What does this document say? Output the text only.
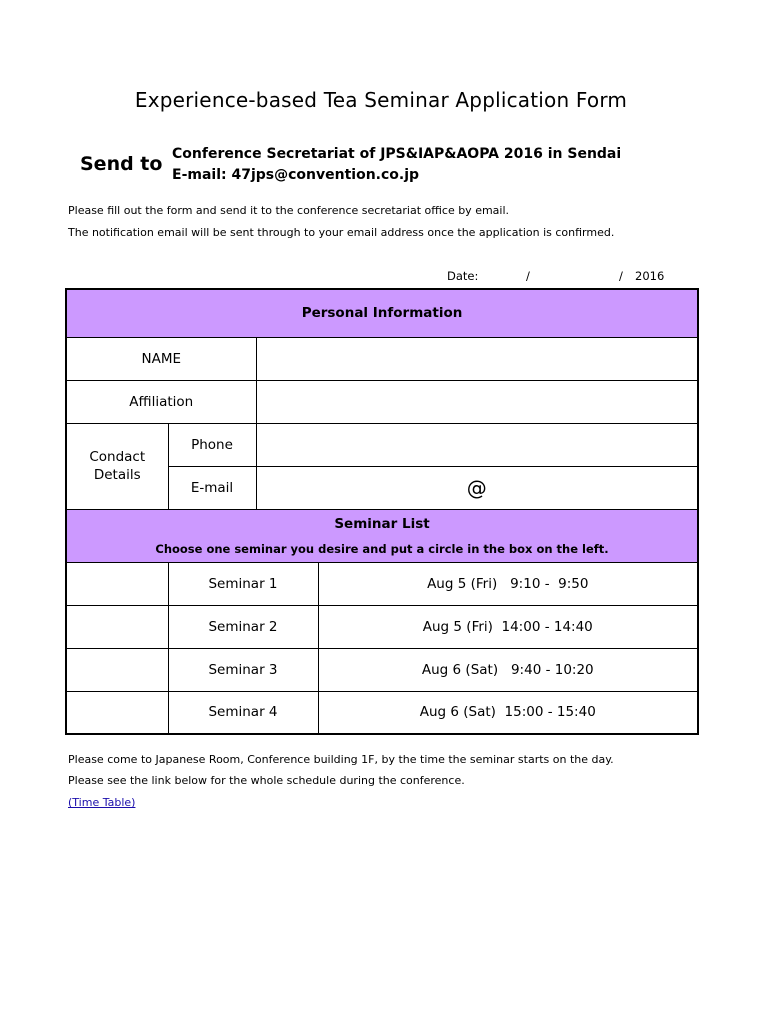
Experience-based Tea Seminar Application Form
Send to Conference Secretariat of JPS&IAP&AOPA 2016 in Sendai
E-mail: 47jps@convention.co.jp
Please fill out the form and send it to the conference secretariat office by email.
The notification email will be sent through to your email address once the application is confirmed.
Date:	/	/ 2016
Personal Information			
NAME			
Affiliation			
Condact Details	Phone		
	E-mail	@	
Seminar List
Choose one seminar you desire and put a circle in the box on the left.			

	Seminar 1		Aug 5 (Fri)   9:10 -  9:50
	Seminar 2		Aug 5 (Fri)  14:00 - 14:40
	Seminar 3		Aug 6 (Sat)   9:40 - 10:20
	Seminar 4		Aug 6 (Sat)  15:00 - 15:40
Please come to Japanese Room, Conference building 1F, by the time the seminar starts on the day.
Please see the link below for the whole schedule during the conference.
(Time Table)
